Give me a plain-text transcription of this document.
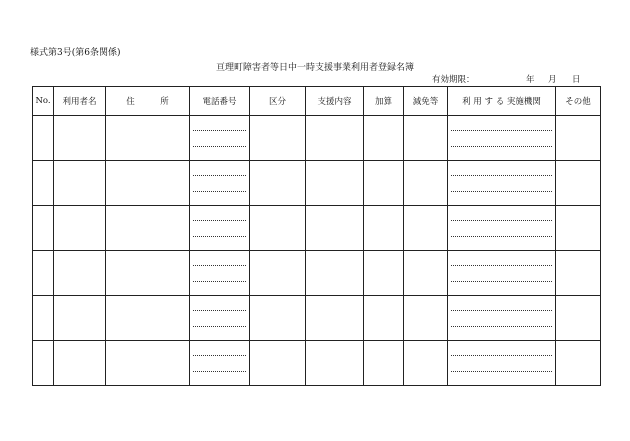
様式第3号(第6条関係)
亘理町障害者等日中一時支援事業利用者登録名簿
有効期限：	年 月 日
No.	利用者名	住　　　所	電話番号	区分	支援内容	加算	減免等	利 用 す る 実施機関	その他
